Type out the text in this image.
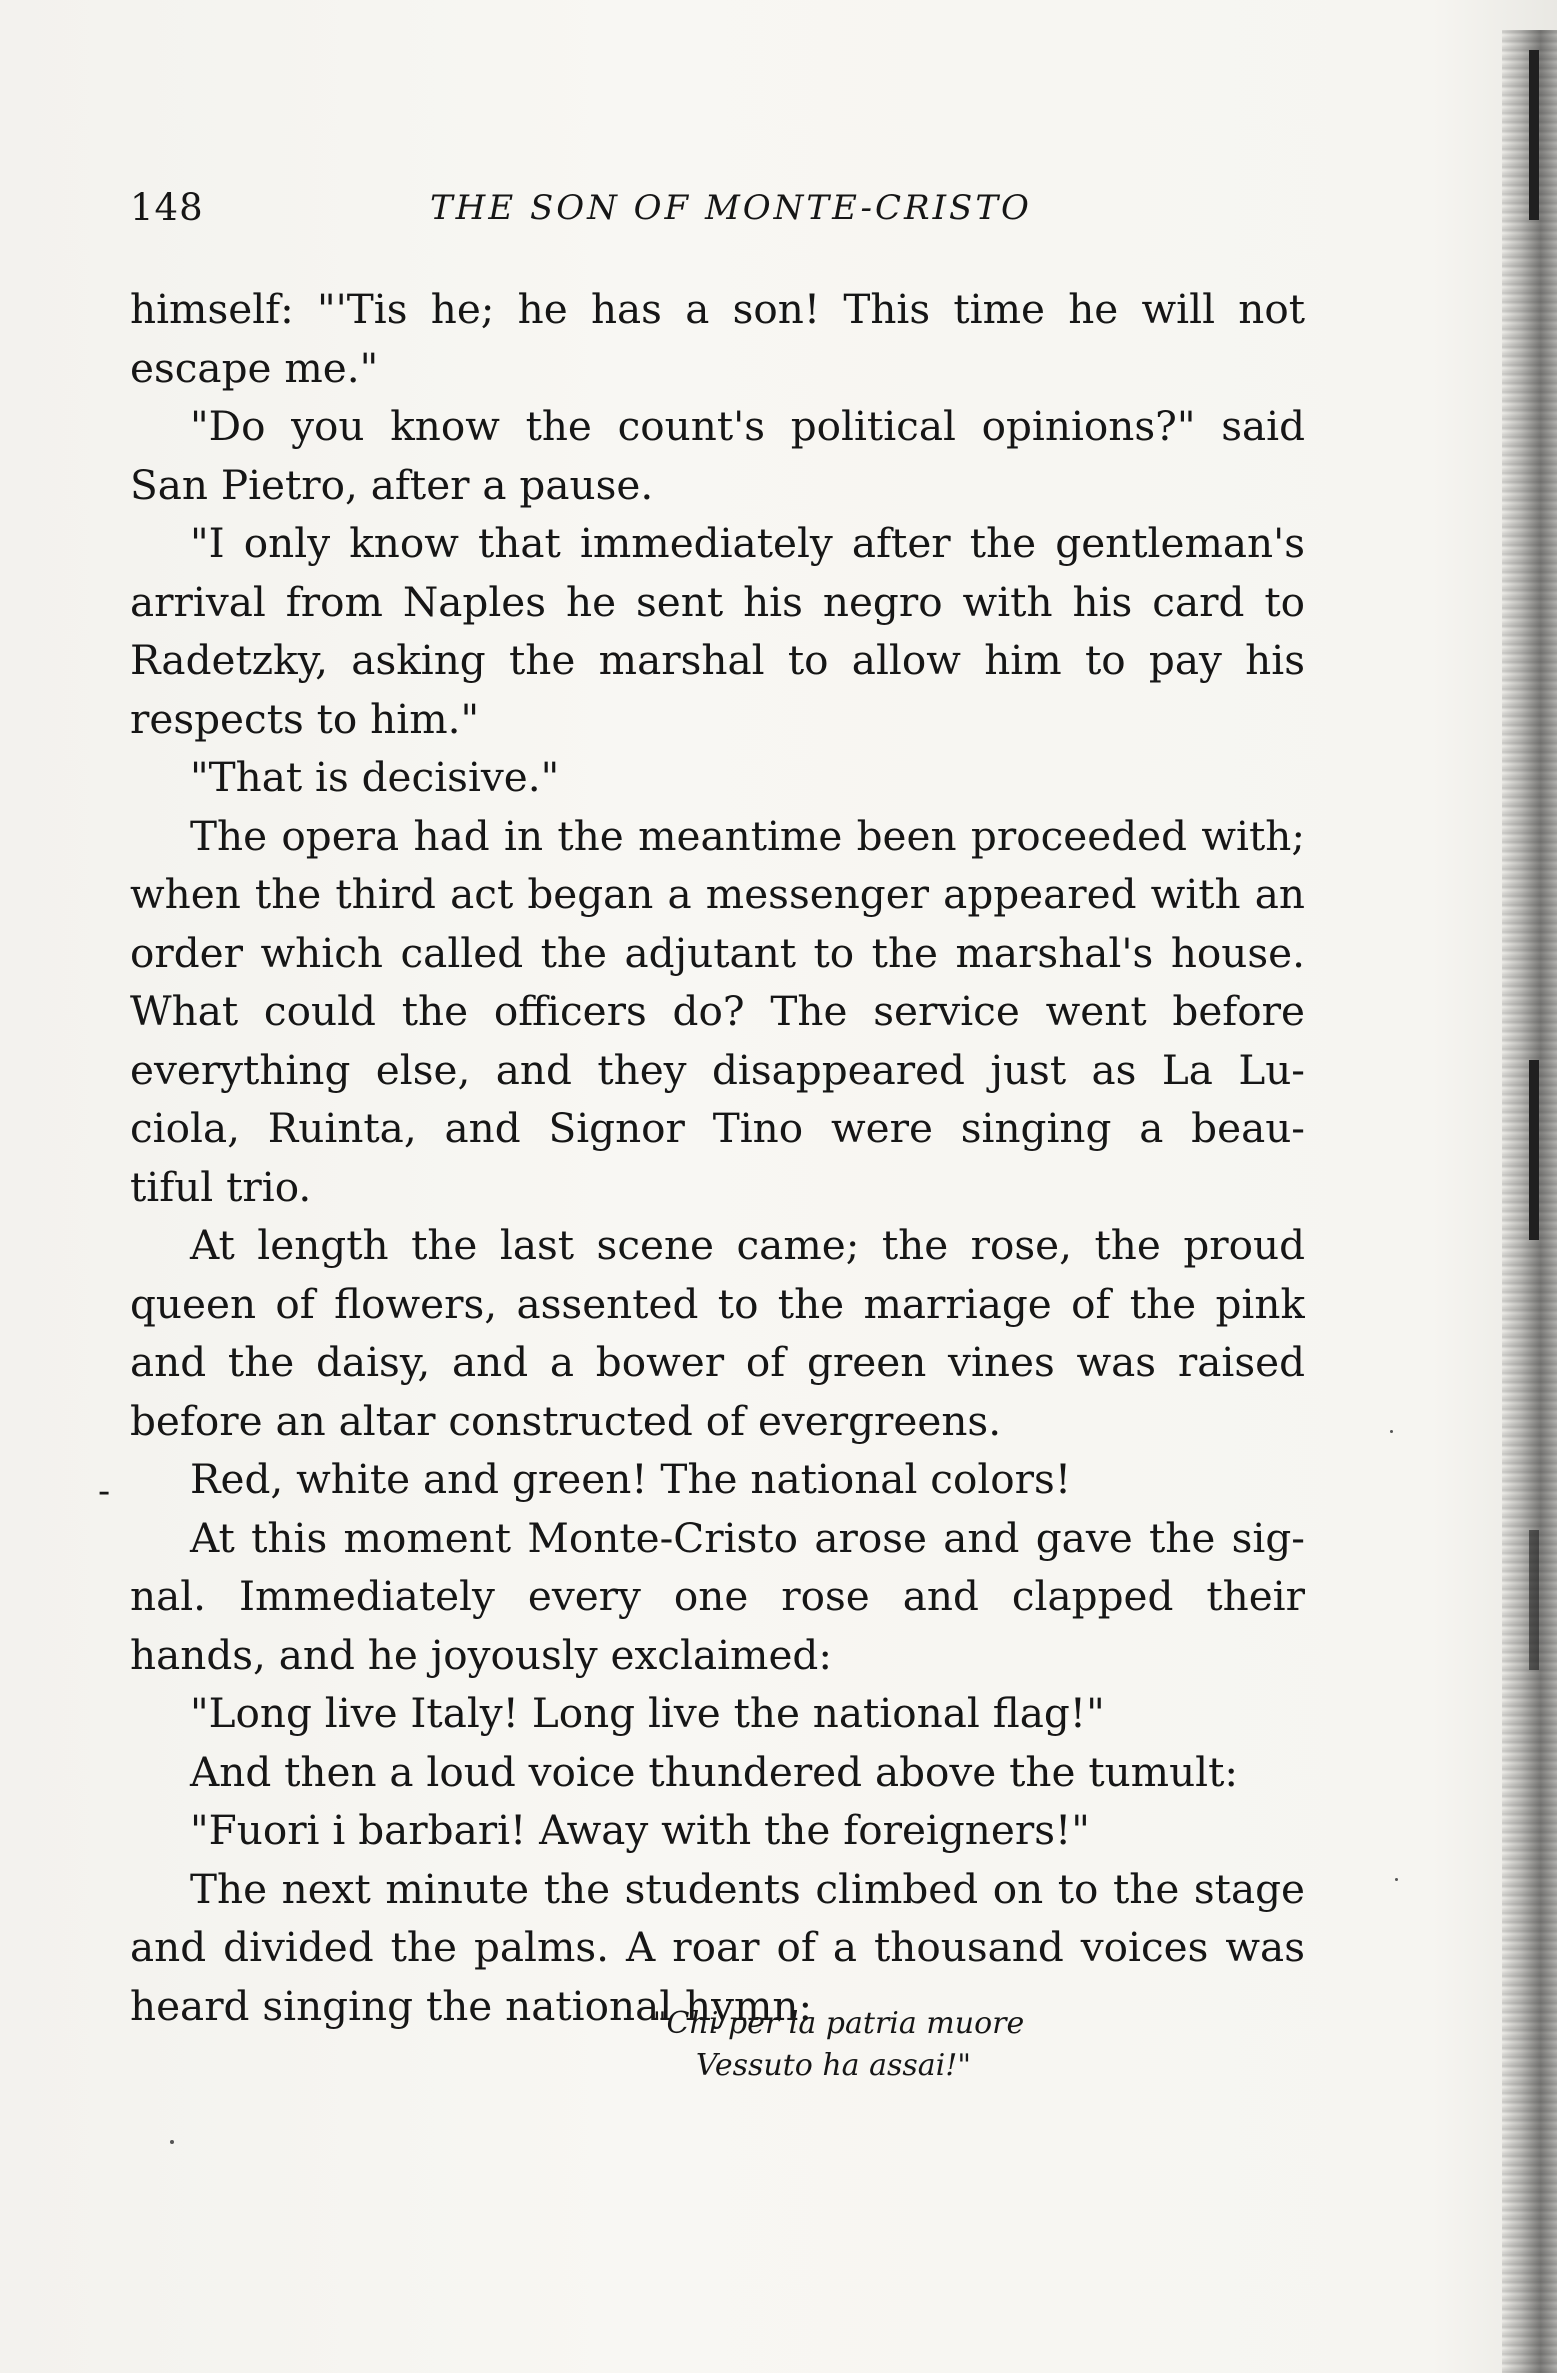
148	THE SON OF MONTE-CRISTO
himself: "'Tis he; he has a son! This time he will not
escape me."
"Do you know the count's political opinions?" said
San Pietro, after a pause.
"I only know that immediately after the gentleman's
arrival from Naples he sent his negro with his card to
Radetzky, asking the marshal to allow him to pay his
respects to him."
"That is decisive."
The opera had in the meantime been proceeded with;
when the third act began a messenger appeared with an
order which called the adjutant to the marshal's house.
What could the officers do? The service went before
everything else, and they disappeared just as La Lu-
ciola, Ruinta, and Signor Tino were singing a beau-
tiful trio.
At length the last scene came; the rose, the proud
queen of flowers, assented to the marriage of the pink
and the daisy, and a bower of green vines was raised
before an altar constructed of evergreens.
Red, white and green! The national colors!
At this moment Monte-Cristo arose and gave the sig-
nal. Immediately every one rose and clapped their
hands, and he joyously exclaimed:
"Long live Italy! Long live the national flag!"
And then a loud voice thundered above the tumult:
"Fuori i barbari! Away with the foreigners!"
The next minute the students climbed on to the stage
and divided the palms. A roar of a thousand voices was
heard singing the national hymn:
-
"Chi per la patria muore
Vessuto ha assai!"
